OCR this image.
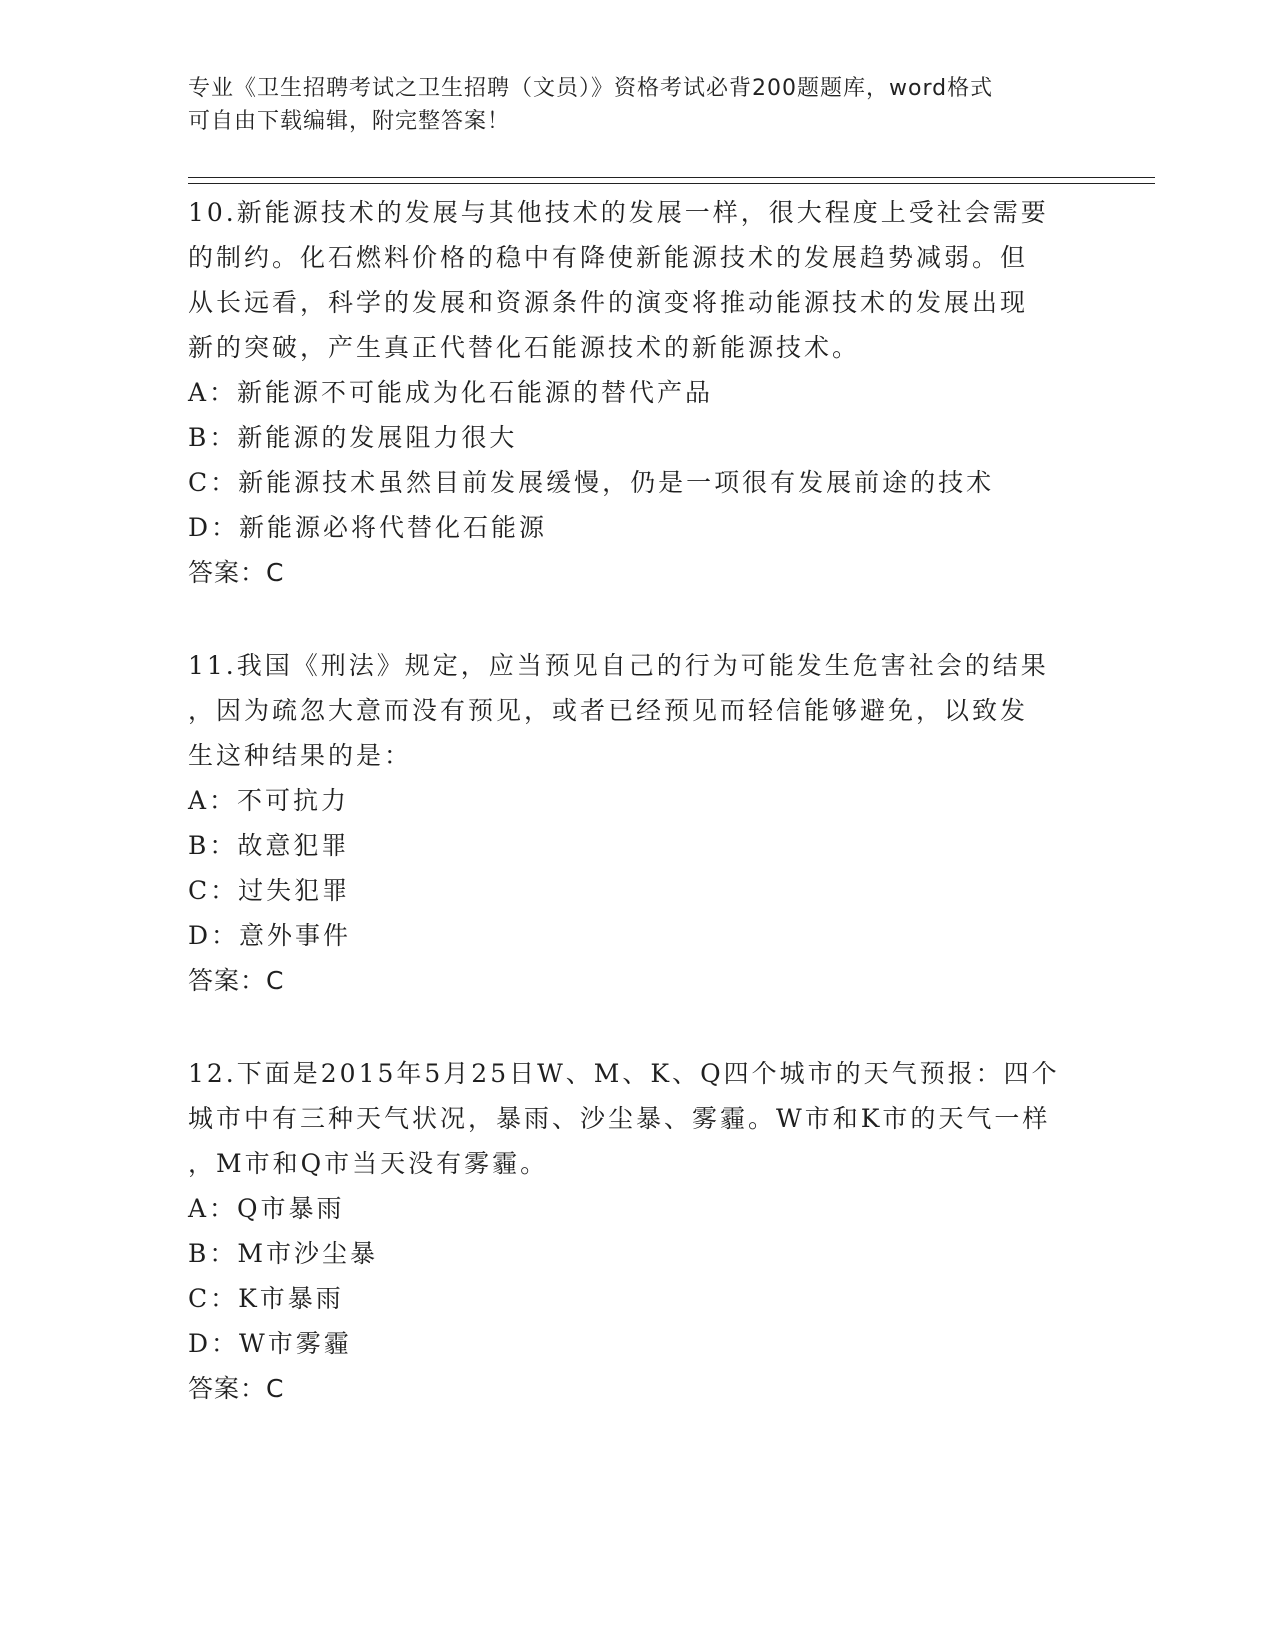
专业《卫生招聘考试之卫生招聘（文员）》资格考试必背200题题库，word格式
可自由下载编辑，附完整答案！
10.新能源技术的发展与其他技术的发展一样，很大程度上受社会需要
的制约。化石燃料价格的稳中有降使新能源技术的发展趋势减弱。但
从长远看，科学的发展和资源条件的演变将推动能源技术的发展出现
新的突破，产生真正代替化石能源技术的新能源技术。
A：新能源不可能成为化石能源的替代产品
B：新能源的发展阻力很大
C：新能源技术虽然目前发展缓慢，仍是一项很有发展前途的技术
D：新能源必将代替化石能源
答案：C
11.我国《刑法》规定，应当预见自己的行为可能发生危害社会的结果
，因为疏忽大意而没有预见，或者已经预见而轻信能够避免，以致发
生这种结果的是：
A：不可抗力
B：故意犯罪
C：过失犯罪
D：意外事件
答案：C
12.下面是2015年5月25日W、M、K、Q四个城市的天气预报：四个
城市中有三种天气状况，暴雨、沙尘暴、雾霾。W市和K市的天气一样
，M市和Q市当天没有雾霾。
A：Q市暴雨
B：M市沙尘暴
C：K市暴雨
D：W市雾霾
答案：C
